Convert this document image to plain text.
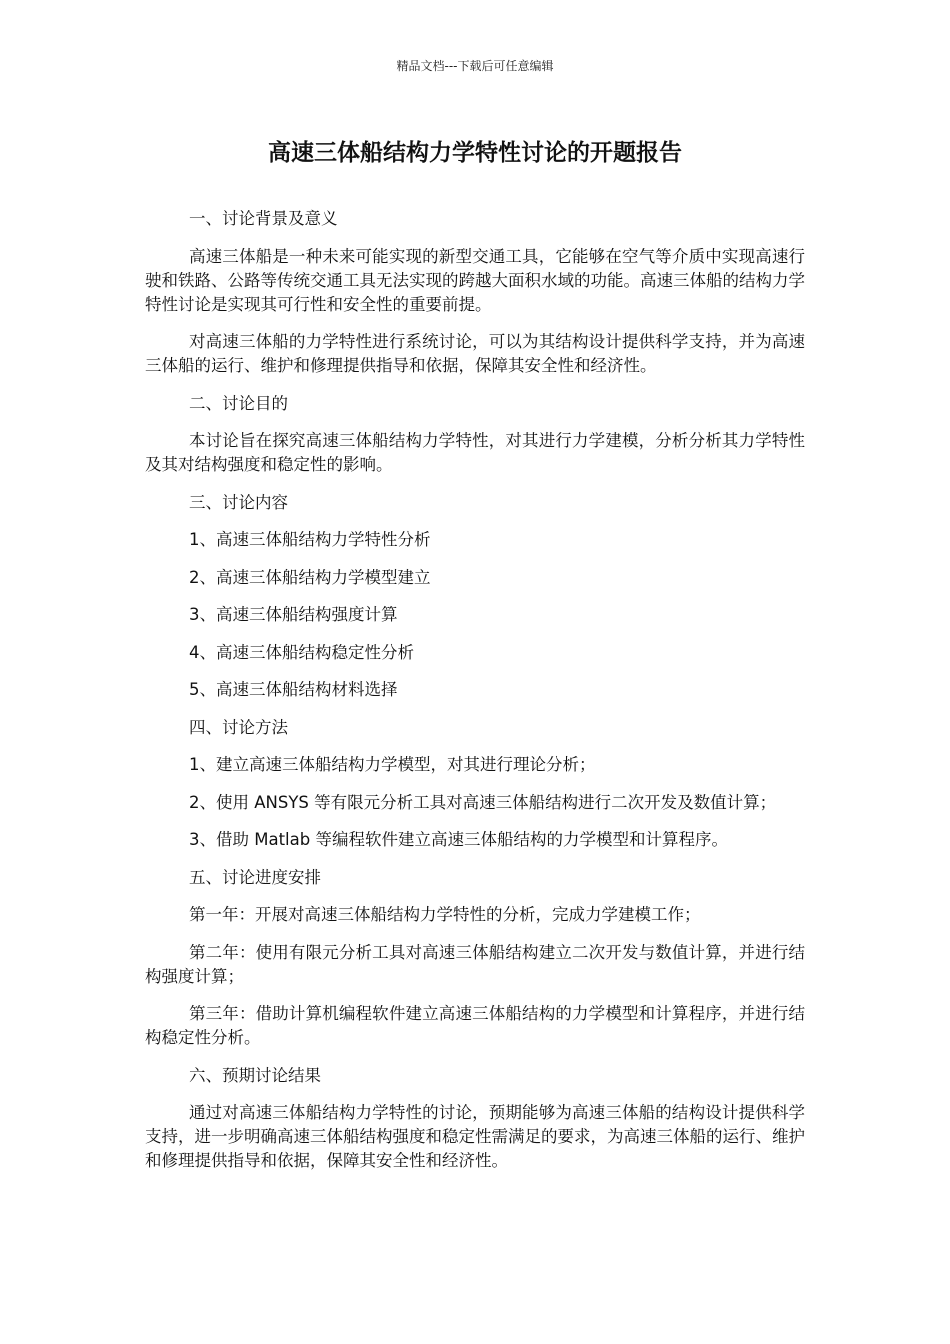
精品文档---下载后可任意编辑
高速三体船结构力学特性讨论的开题报告

一、讨论背景及意义

高速三体船是一种未来可能实现的新型交通工具，它能够在空气等介质中实现高速行驶和铁路、公路等传统交通工具无法实现的跨越大面积水域的功能。高速三体船的结构力学特性讨论是实现其可行性和安全性的重要前提。

对高速三体船的力学特性进行系统讨论，可以为其结构设计提供科学支持，并为高速三体船的运行、维护和修理提供指导和依据，保障其安全性和经济性。

二、讨论目的

本讨论旨在探究高速三体船结构力学特性，对其进行力学建模，分析分析其力学特性及其对结构强度和稳定性的影响。

三、讨论内容

1、高速三体船结构力学特性分析

2、高速三体船结构力学模型建立

3、高速三体船结构强度计算

4、高速三体船结构稳定性分析

5、高速三体船结构材料选择

四、讨论方法

1、建立高速三体船结构力学模型，对其进行理论分析；

2、使用 ANSYS 等有限元分析工具对高速三体船结构进行二次开发及数值计算；

3、借助 Matlab 等编程软件建立高速三体船结构的力学模型和计算程序。

五、讨论进度安排

第一年：开展对高速三体船结构力学特性的分析，完成力学建模工作；

第二年：使用有限元分析工具对高速三体船结构建立二次开发与数值计算，并进行结构强度计算；

第三年：借助计算机编程软件建立高速三体船结构的力学模型和计算程序，并进行结构稳定性分析。

六、预期讨论结果

通过对高速三体船结构力学特性的讨论，预期能够为高速三体船的结构设计提供科学支持，进一步明确高速三体船结构强度和稳定性需满足的要求，为高速三体船的运行、维护和修理提供指导和依据，保障其安全性和经济性。
